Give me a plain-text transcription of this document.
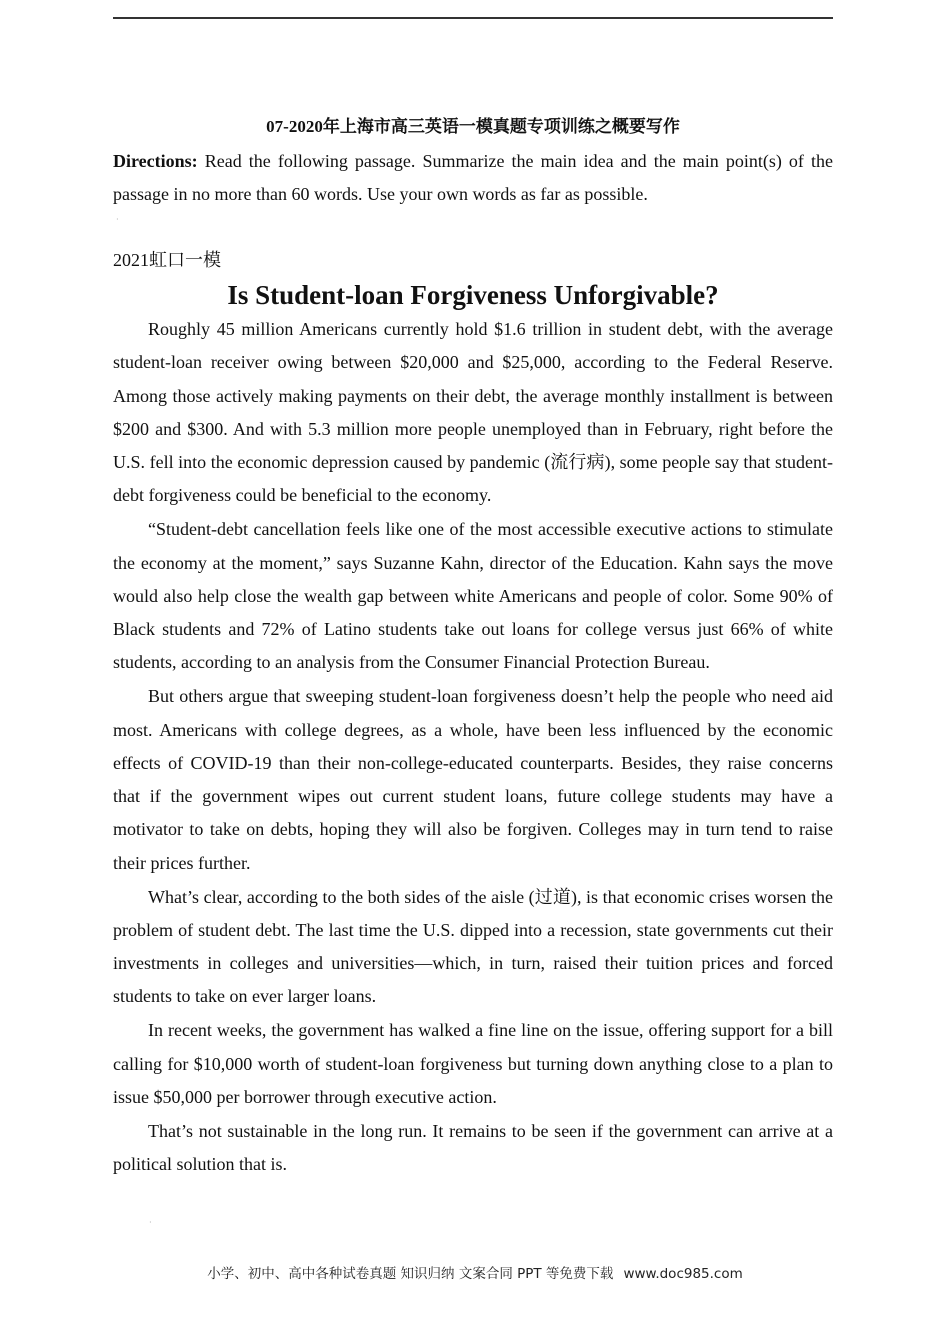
07-2020年上海市高三英语一模真题专项训练之概要写作

Directions: Read the following passage. Summarize the main idea and the main point(s) of the passage in no more than 60 words. Use your own words as far as possible.

·

2021虹口一模

Is Student-loan Forgiveness Unforgivable?

Roughly 45 million Americans currently hold $1.6 trillion in student debt, with the average student-loan receiver owing between $20,000 and $25,000, according to the Federal Reserve. Among those actively making payments on their debt, the average monthly installment is between $200 and $300. And with 5.3 million more people unemployed than in February, right before the U.S. fell into the economic depression caused by pandemic (流行病), some people say that student-debt forgiveness could be beneficial to the economy.

“Student-debt cancellation feels like one of the most accessible executive actions to stimulate the economy at the moment,” says Suzanne Kahn, director of the Education. Kahn says the move would also help close the wealth gap between white Americans and people of color. Some 90% of Black students and 72% of Latino students take out loans for college versus just 66% of white students, according to an analysis from the Consumer Financial Protection Bureau.

But others argue that sweeping student-loan forgiveness doesn’t help the people who need aid most. Americans with college degrees, as a whole, have been less influenced by the economic effects of COVID-19 than their non-college-educated counterparts. Besides, they raise concerns that if the government wipes out current student loans, future college students may have a motivator to take on debts, hoping they will also be forgiven. Colleges may in turn tend to raise their prices further.

What’s clear, according to the both sides of the aisle (过道), is that economic crises worsen the problem of student debt. The last time the U.S. dipped into a recession, state governments cut their investments in colleges and universities—which, in turn, raised their tuition prices and forced students to take on ever larger loans.

In recent weeks, the government has walked a fine line on the issue, offering support for a bill calling for $10,000 worth of student-loan forgiveness but turning down anything close to a plan to issue $50,000 per borrower through executive action.

That’s not sustainable in the long run. It remains to be seen if the government can arrive at a political solution that is.

·
小学、初中、高中各种试卷真题 知识归纳 文案合同 PPT 等免费下载 www.doc985.com
